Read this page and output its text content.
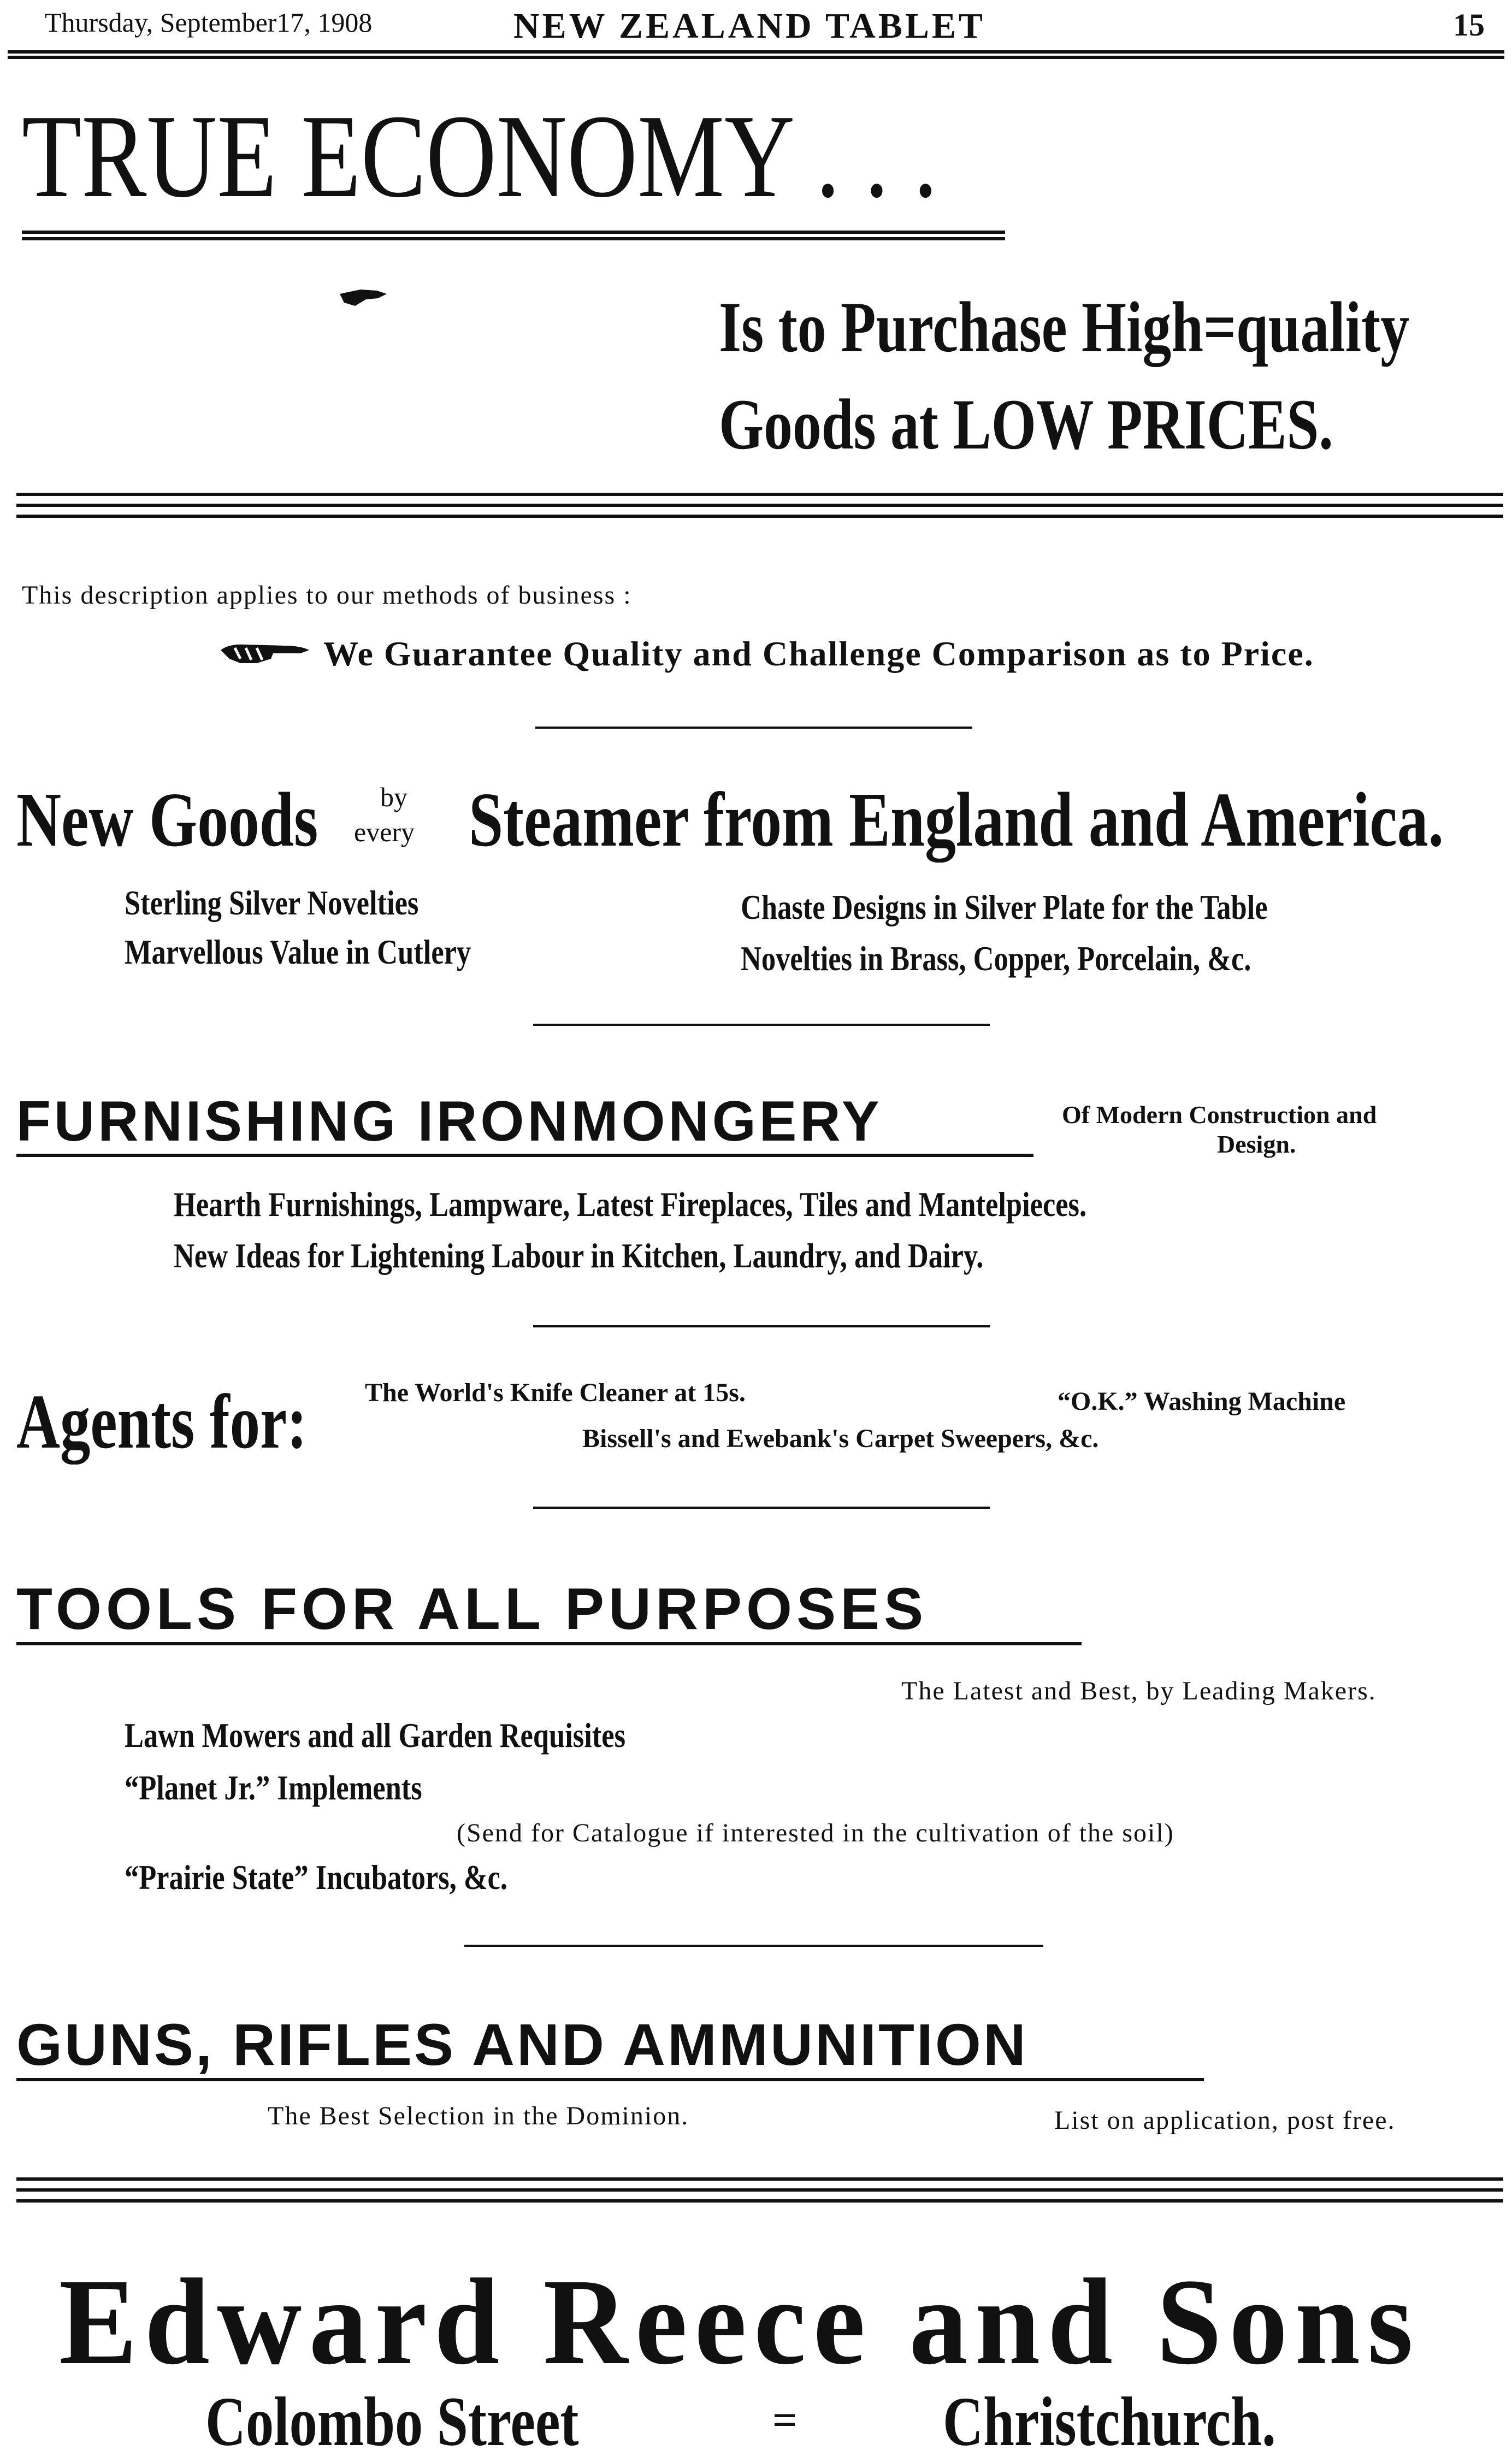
Thursday, September17, 1908	NEW ZEALAND TABLET	15
TRUE ECONOMY . . .
Is to Purchase High=quality
Goods at LOW PRICES.
This description applies to our methods of business :
We Guarantee Quality and Challenge Comparison as to Price.
New Goods by
every Steamer from England and America.
Sterling Silver Novelties
Marvellous Value in Cutlery
Chaste Designs in Silver Plate for the Table
Novelties in Brass, Copper, Porcelain, &c.
FURNISHING IRONMONGERY	Of Modern Construction and
Design.
Hearth Furnishings, Lampware, Latest Fireplaces, Tiles and Mantelpieces.
New Ideas for Lightening Labour in Kitchen, Laundry, and Dairy.
Agents for: The World's Knife Cleaner at 15s.	“O.K.” Washing Machine
Bissell's and Ewebank's Carpet Sweepers, &c.
TOOLS FOR ALL PURPOSES
The Latest and Best, by Leading Makers.
Lawn Mowers and all Garden Requisites
“Planet Jr.” Implements
(Send for Catalogue if interested in the cultivation of the soil)
“Prairie State” Incubators, &c.
GUNS, RIFLES AND AMMUNITION
The Best Selection in the Dominion.	List on application, post free.
Edward Reece and Sons
Colombo Street	= Christchurch.
